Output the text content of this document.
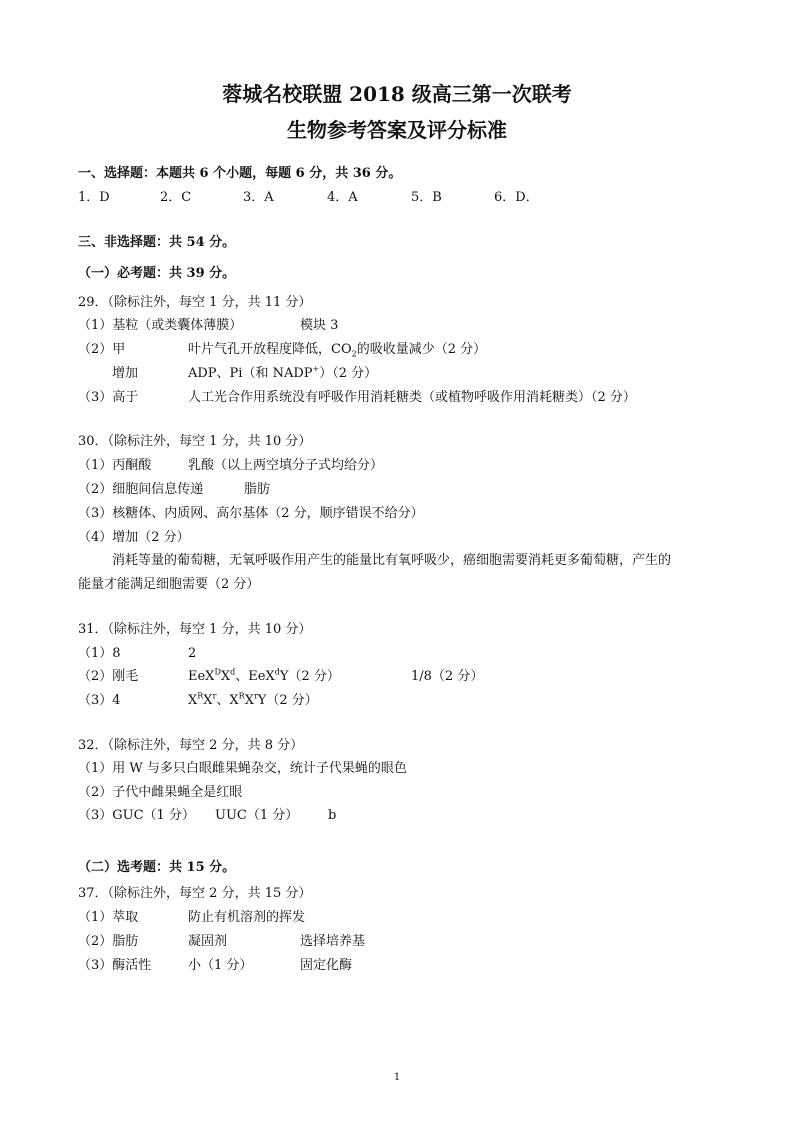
蓉城名校联盟 2018 级高三第一次联考
生物参考答案及评分标准
一、选择题：本题共 6 个小题，每题 6 分，共 36 分。
1．D	2．C	3．A	4．A	5．B	6．D．
三、非选择题：共 54 分。
（一）必考题：共 39 分。
29．（除标注外，每空 1 分，共 11 分）
（1）基粒（或类囊体薄膜）	模块 3
（2）甲	叶片气孔开放程度降低，$CO_2$的吸收量减少（2 分）
增加	ADP、Pi（和 NADP+）（2 分）
（3）高于	人工光合作用系统没有呼吸作用消耗糖类（或植物呼吸作用消耗糖类）（2 分）
30．（除标注外，每空 1 分，共 10 分）
（1）丙酮酸	乳酸（以上两空填分子式均给分）
（2）细胞间信息传递	脂肪
（3）核糖体、内质网、高尔基体（2 分，顺序错误不给分）
（4）增加（2 分）
消耗等量的葡萄糖，无氧呼吸作用产生的能量比有氧呼吸少，癌细胞需要消耗更多葡萄糖，产生的
能量才能满足细胞需要（2 分）
31．（除标注外，每空 1 分，共 10 分）
（1）8	2
（2）刚毛	$EeX^DX^d$、EeX$^d$Y（2 分）	1/8（2 分）
（3）4	$X^RX^r$、$X^RX^rY(2$ 分）
32．（除标注外，每空 2 分，共 8 分）
（1）用 W 与多只白眼雌果蝇杂交，统计子代果蝇的眼色
（2）子代中雌果蝇全是红眼
（3）GUC（1 分） UUC（1 分） b
（二）选考题：共 15 分。
37．（除标注外，每空 2 分，共 15 分）
（1）萃取	防止有机溶剂的挥发
（2）脂肪	凝固剂	选择培养基
（3）酶活性	小（1 分）	固定化酶
1
